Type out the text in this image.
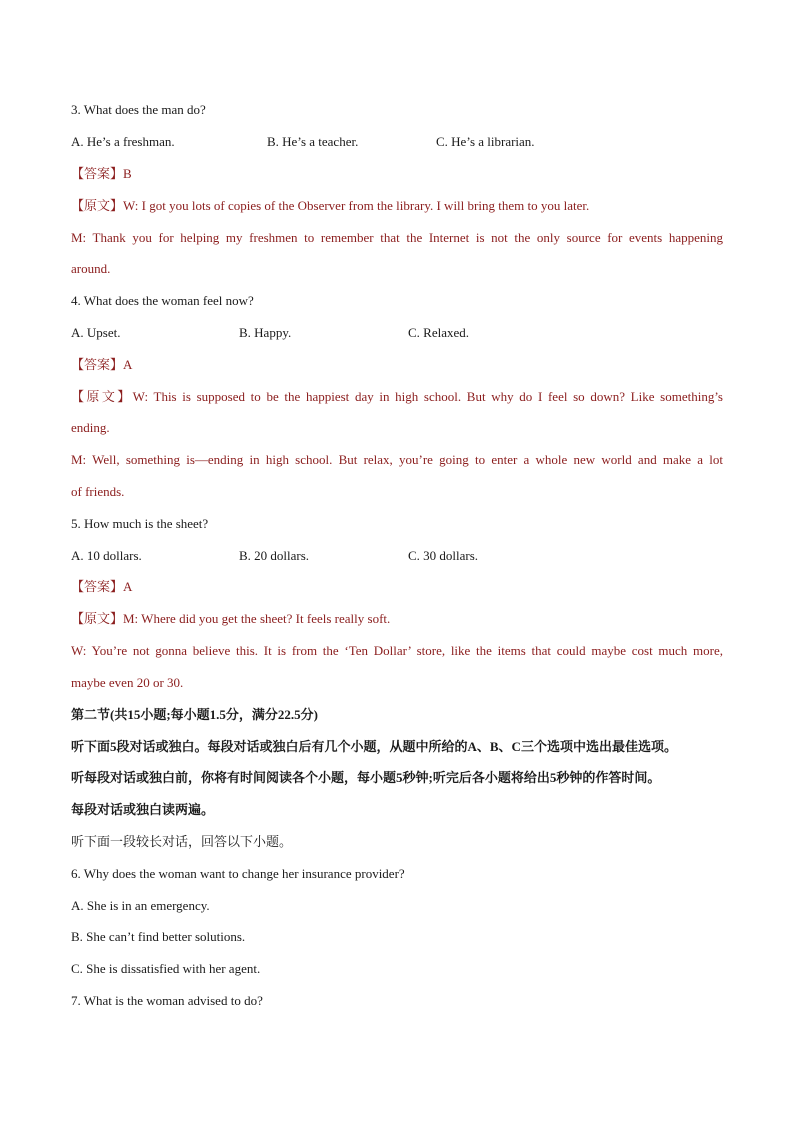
3. What does the man do?
A. He’s a freshman.	B. He’s a teacher.	C. He’s a librarian.
【答案】B
【原文】W: I got you lots of copies of the Observer from the library. I will bring them to you later.
M: Thank you for helping my freshmen to remember that the Internet is not the only source for events happening
around.
4. What does the woman feel now?
A. Upset.	B. Happy.	C. Relaxed.
【答案】A
【原文】W: This is supposed to be the happiest day in high school. But why do I feel so down? Like something’s
ending.
M: Well, something is—ending in high school. But relax, you’re going to enter a whole new world and make a lot
of friends.
5. How much is the sheet?
A. 10 dollars.	B. 20 dollars.	C. 30 dollars.
【答案】A
【原文】M: Where did you get the sheet? It feels really soft.
W: You’re not gonna believe this. It is from the ‘Ten Dollar’ store, like the items that could maybe cost much more,
maybe even 20 or 30.
第二节(共15小题;每小题1.5分，满分22.5分)
听下面5段对话或独白。每段对话或独白后有几个小题，从题中所给的A、B、C三个选项中选出最佳选项。
听每段对话或独白前，你将有时间阅读各个小题，每小题5秒钟;听完后各小题将给出5秒钟的作答时间。
每段对话或独白读两遍。
听下面一段较长对话，回答以下小题。
6. Why does the woman want to change her insurance provider?
A. She is in an emergency.
B. She can’t find better solutions.
C. She is dissatisfied with her agent.
7. What is the woman advised to do?
